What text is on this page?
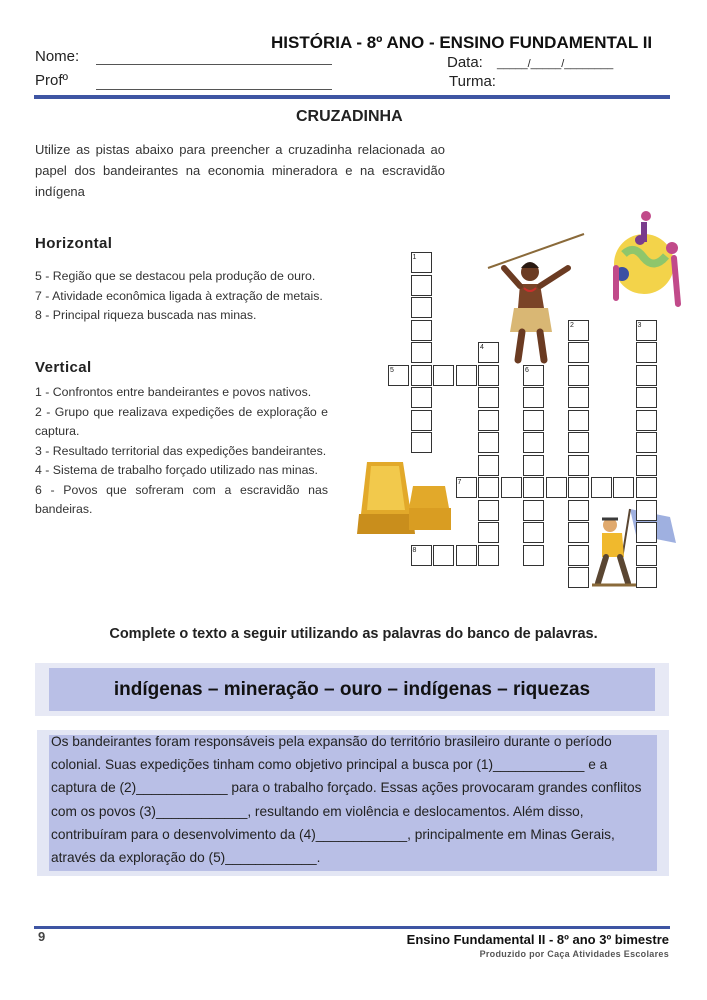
HISTÓRIA - 8º ANO - ENSINO FUNDAMENTAL II
Nome:
Profº
Data: _____/_____/________
Turma:
CRUZADINHA
Utilize as pistas abaixo para preencher a cruzadinha relacionada ao papel dos bandeirantes na economia mineradora e na escravidão indígena
Horizontal
5 - Região que se destacou pela produção de ouro.
7 - Atividade econômica ligada à extração de metais.
8 - Principal riqueza buscada nas minas.
Vertical
1 - Confrontos entre bandeirantes e povos nativos.
2 - Grupo que realizava expedições de exploração e captura.
3 - Resultado territorial das expedições bandeirantes.
4 - Sistema de trabalho forçado utilizado nas minas.
6 - Povos que sofreram com a escravidão nas bandeiras.
1
2	3
4
5	6
7
8
Complete o texto a seguir utilizando as palavras do banco de palavras.
indígenas – mineração – ouro – indígenas – riquezas
Os bandeirantes foram responsáveis pela expansão do território brasileiro durante o período colonial. Suas expedições tinham como objetivo principal a busca por (1)____________ e a captura de (2)____________ para o trabalho forçado. Essas ações provocaram grandes conflitos com os povos (3)____________, resultando em violência e deslocamentos. Além disso, contribuíram para o desenvolvimento da (4)____________, principalmente em Minas Gerais, através da exploração do (5)____________.
9	Ensino Fundamental II - 8º ano 3º bimestre
Produzido por Caça Atividades Escolares
